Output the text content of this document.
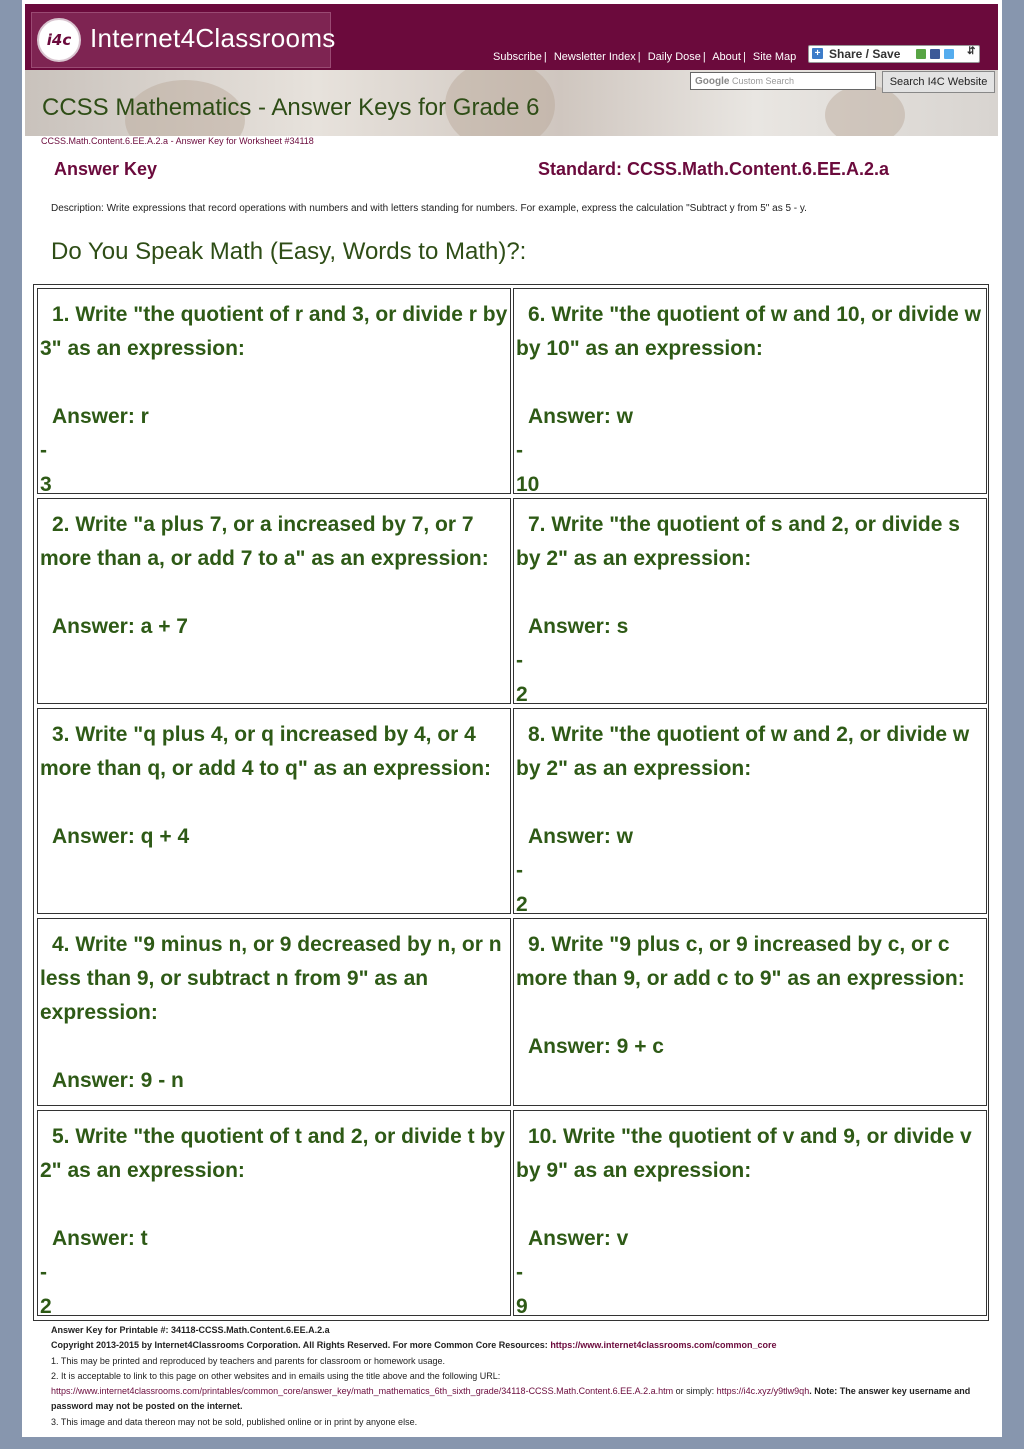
i4c Internet4Classrooms
Subscribe | Newsletter Index | Daily Dose | About | Site Map + Share / Save	⇵
Google Custom Search	Search I4C Website
CCSS Mathematics - Answer Keys for Grade 6
CCSS.Math.Content.6.EE.A.2.a - Answer Key for Worksheet #34118
Answer Key	Standard: CCSS.Math.Content.6.EE.A.2.a
Description: Write expressions that record operations with numbers and with letters standing for numbers. For example, express the calculation "Subtract y from 5" as 5 - y.
Do You Speak Math (Easy, Words to Math)?:
1. Write "the quotient of r and 3, or divide r by 3" as an expression:
Answer: r
-
3
6. Write "the quotient of w and 10, or divide w by 10" as an expression:
Answer: w
-
10
2. Write "a plus 7, or a increased by 7, or 7 more than a, or add 7 to a" as an expression:
Answer: a + 7
7. Write "the quotient of s and 2, or divide s by 2" as an expression:
Answer: s
-
2
3. Write "q plus 4, or q increased by 4, or 4 more than q, or add 4 to q" as an expression:
Answer: q + 4
8. Write "the quotient of w and 2, or divide w by 2" as an expression:
Answer: w
-
2
4. Write "9 minus n, or 9 decreased by n, or n less than 9, or subtract n from 9" as an expression:
Answer: 9 - n
9. Write "9 plus c, or 9 increased by c, or c more than 9, or add c to 9" as an expression:
Answer: 9 + c
5. Write "the quotient of t and 2, or divide t by 2" as an expression:
Answer: t
-
2
10. Write "the quotient of v and 9, or divide v by 9" as an expression:
Answer: v
-
9
Answer Key for Printable #: 34118-CCSS.Math.Content.6.EE.A.2.a
Copyright 2013-2015 by Internet4Classrooms Corporation. All Rights Reserved. For more Common Core Resources: https://www.internet4classrooms.com/common_core
1. This may be printed and reproduced by teachers and parents for classroom or homework usage.
2. It is acceptable to link to this page on other websites and in emails using the title above and the following URL:
https://www.internet4classrooms.com/printables/common_core/answer_key/math_mathematics_6th_sixth_grade/34118-CCSS.Math.Content.6.EE.A.2.a.htm or simply: https://i4c.xyz/y9tlw9qh. Note: The answer key username and password may not be posted on the internet.
3. This image and data thereon may not be sold, published online or in print by anyone else.
